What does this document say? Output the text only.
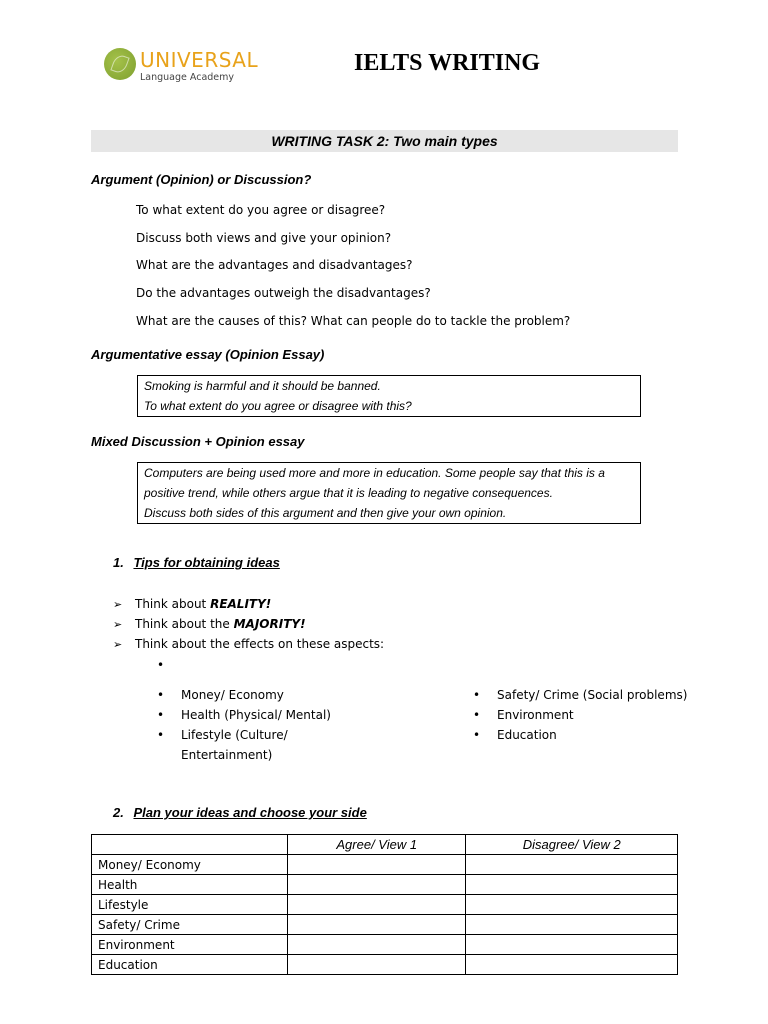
UNIVERSAL
Language Academy
IELTS WRITING
WRITING TASK 2: Two main types
Argument (Opinion) or Discussion?
To what extent do you agree or disagree?
Discuss both views and give your opinion?
What are the advantages and disadvantages?
Do the advantages outweigh the disadvantages?
What are the causes of this? What can people do to tackle the problem?
Argumentative essay (Opinion Essay)
Smoking is harmful and it should be banned.
To what extent do you agree or disagree with this?
Mixed Discussion + Opinion essay
Computers are being used more and more in education. Some people say that this is a
positive trend, while others argue that it is leading to negative consequences.
Discuss both sides of this argument and then give your own opinion.
1. Tips for obtaining ideas
➢ Think about REALITY!
➢ Think about the MAJORITY!
➢ Think about the effects on these aspects:
•
• Money/ Economy
• Health (Physical/ Mental)
• Lifestyle (Culture/
Entertainment)
• Safety/ Crime (Social problems)
• Environment
• Education
2. Plan your ideas and choose your side
	Agree/ View 1	Disagree/ View 2
Money/ Economy		
Health		
Lifestyle		
Safety/ Crime		
Environment		
Education		
